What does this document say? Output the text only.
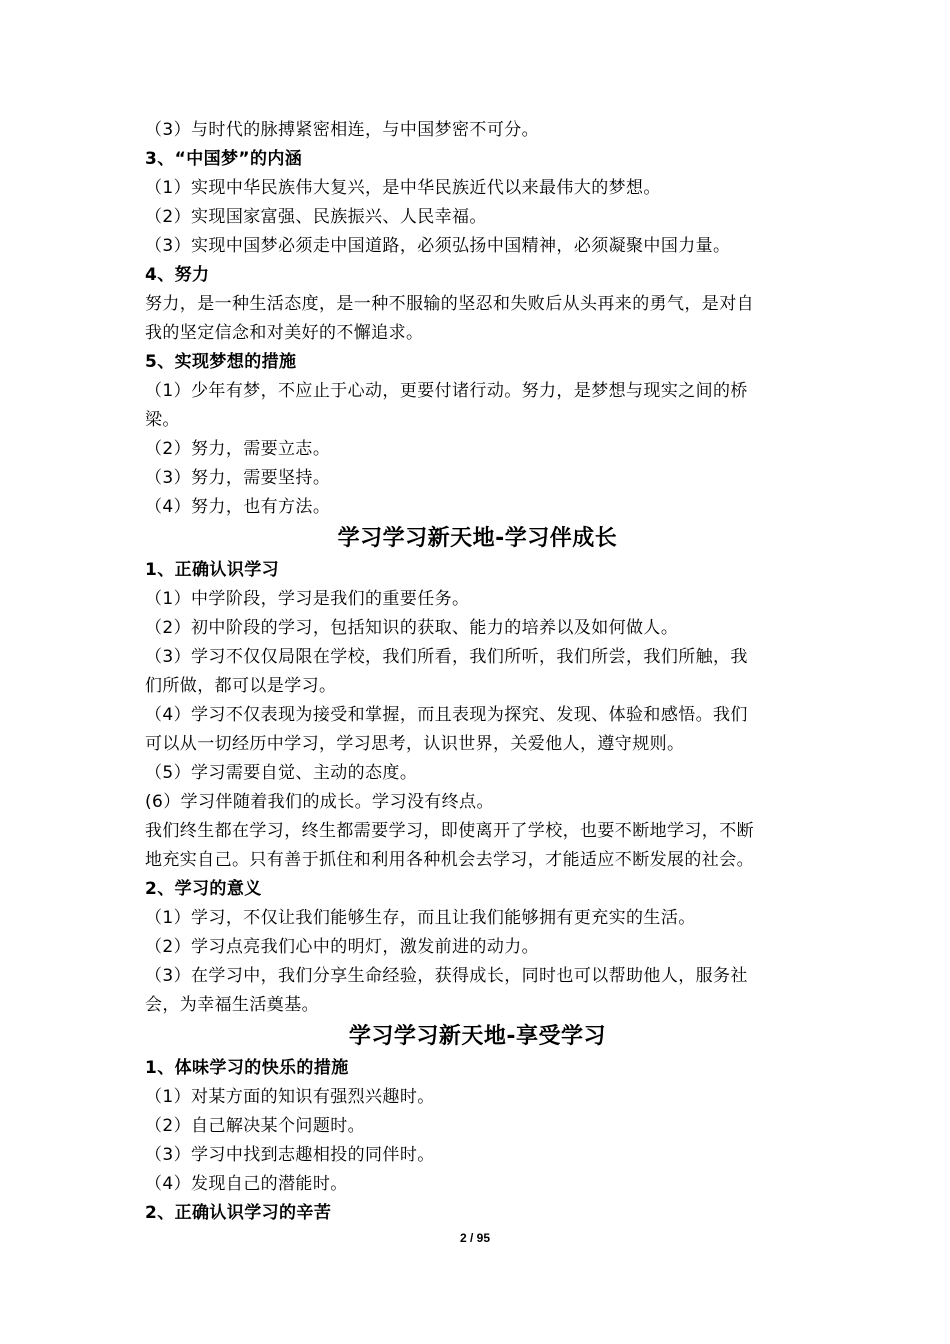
（3）与时代的脉搏紧密相连，与中国梦密不可分。
3、“中国梦”的内涵
（1）实现中华民族伟大复兴，是中华民族近代以来最伟大的梦想。
（2）实现国家富强、民族振兴、人民幸福。
（3）实现中国梦必须走中国道路，必须弘扬中国精神，必须凝聚中国力量。
4、努力
努力，是一种生活态度，是一种不服输的坚忍和失败后从头再来的勇气，是对自
我的坚定信念和对美好的不懈追求。
5、实现梦想的措施
（1）少年有梦，不应止于心动，更要付诸行动。努力，是梦想与现实之间的桥
梁。
（2）努力，需要立志。
（3）努力，需要坚持。
（4）努力，也有方法。
学习学习新天地-学习伴成长
1、正确认识学习
（1）中学阶段，学习是我们的重要任务。
（2）初中阶段的学习，包括知识的获取、能力的培养以及如何做人。
（3）学习不仅仅局限在学校，我们所看，我们所听，我们所尝，我们所触，我
们所做，都可以是学习。
（4）学习不仅表现为接受和掌握，而且表现为探究、发现、体验和感悟。我们
可以从一切经历中学习，学习思考，认识世界，关爱他人，遵守规则。
（5）学习需要自觉、主动的态度。
(6）学习伴随着我们的成长。学习没有终点。
我们终生都在学习，终生都需要学习，即使离开了学校，也要不断地学习，不断
地充实自己。只有善于抓住和利用各种机会去学习，才能适应不断发展的社会。
2、学习的意义
（1）学习，不仅让我们能够生存，而且让我们能够拥有更充实的生活。
（2）学习点亮我们心中的明灯，激发前进的动力。
（3）在学习中，我们分享生命经验，获得成长，同时也可以帮助他人，服务社
会，为幸福生活奠基。
学习学习新天地-享受学习
1、体味学习的快乐的措施
（1）对某方面的知识有强烈兴趣时。
（2）自己解决某个问题时。
（3）学习中找到志趣相投的同伴时。
（4）发现自己的潜能时。
2、正确认识学习的辛苦
2 / 95
